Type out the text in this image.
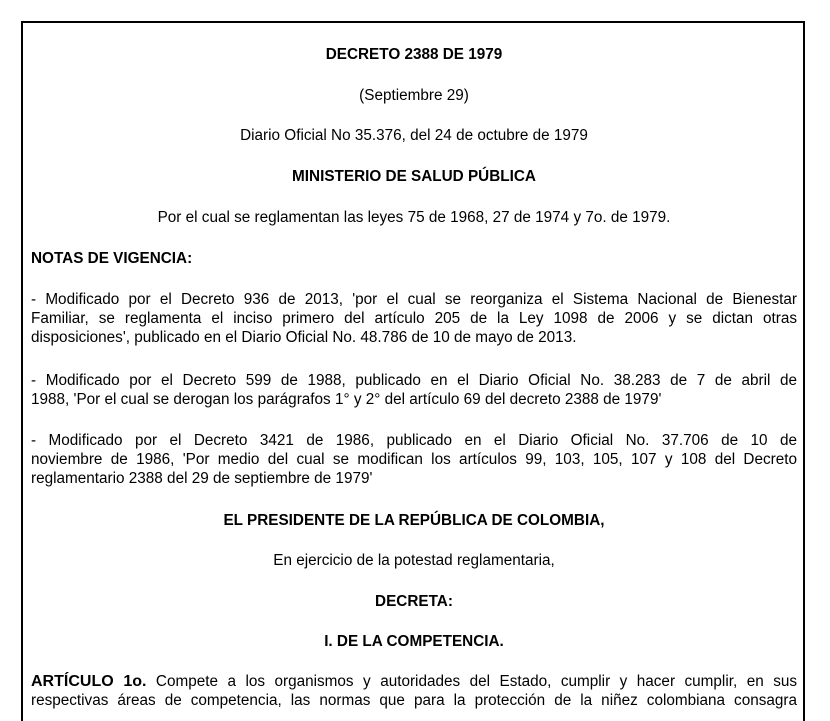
DECRETO 2388 DE 1979

(Septiembre 29)

Diario Oficial No 35.376, del 24 de octubre de 1979

MINISTERIO DE SALUD PÚBLICA

Por el cual se reglamentan las leyes 75 de 1968, 27 de 1974 y 7o. de 1979.

NOTAS DE VIGENCIA:

- Modificado por el Decreto 936 de 2013, 'por el cual se reorganiza el Sistema Nacional de Bienestar

Familiar, se reglamenta el inciso primero del artículo 205 de la Ley 1098 de 2006 y se dictan otras

disposiciones', publicado en el Diario Oficial No. 48.786 de 10 de mayo de 2013.

- Modificado por el Decreto 599 de 1988, publicado en el Diario Oficial No. 38.283 de 7 de abril de

1988, 'Por el cual se derogan los parágrafos 1° y 2° del artículo 69 del decreto 2388 de 1979'

- Modificado por el Decreto 3421 de 1986, publicado en el Diario Oficial No. 37.706 de 10 de

noviembre de 1986, 'Por medio del cual se modifican los artículos 99, 103, 105, 107 y 108 del Decreto

reglamentario 2388 del 29 de septiembre de 1979'

EL PRESIDENTE DE LA REPÚBLICA DE COLOMBIA,

En ejercicio de la potestad reglamentaria,

DECRETA:

I. DE LA COMPETENCIA.

ARTÍCULO 1o. Compete a los organismos y autoridades del Estado, cumplir y hacer cumplir, en sus

respectivas áreas de competencia, las normas que para la protección de la niñez colombiana consagra
